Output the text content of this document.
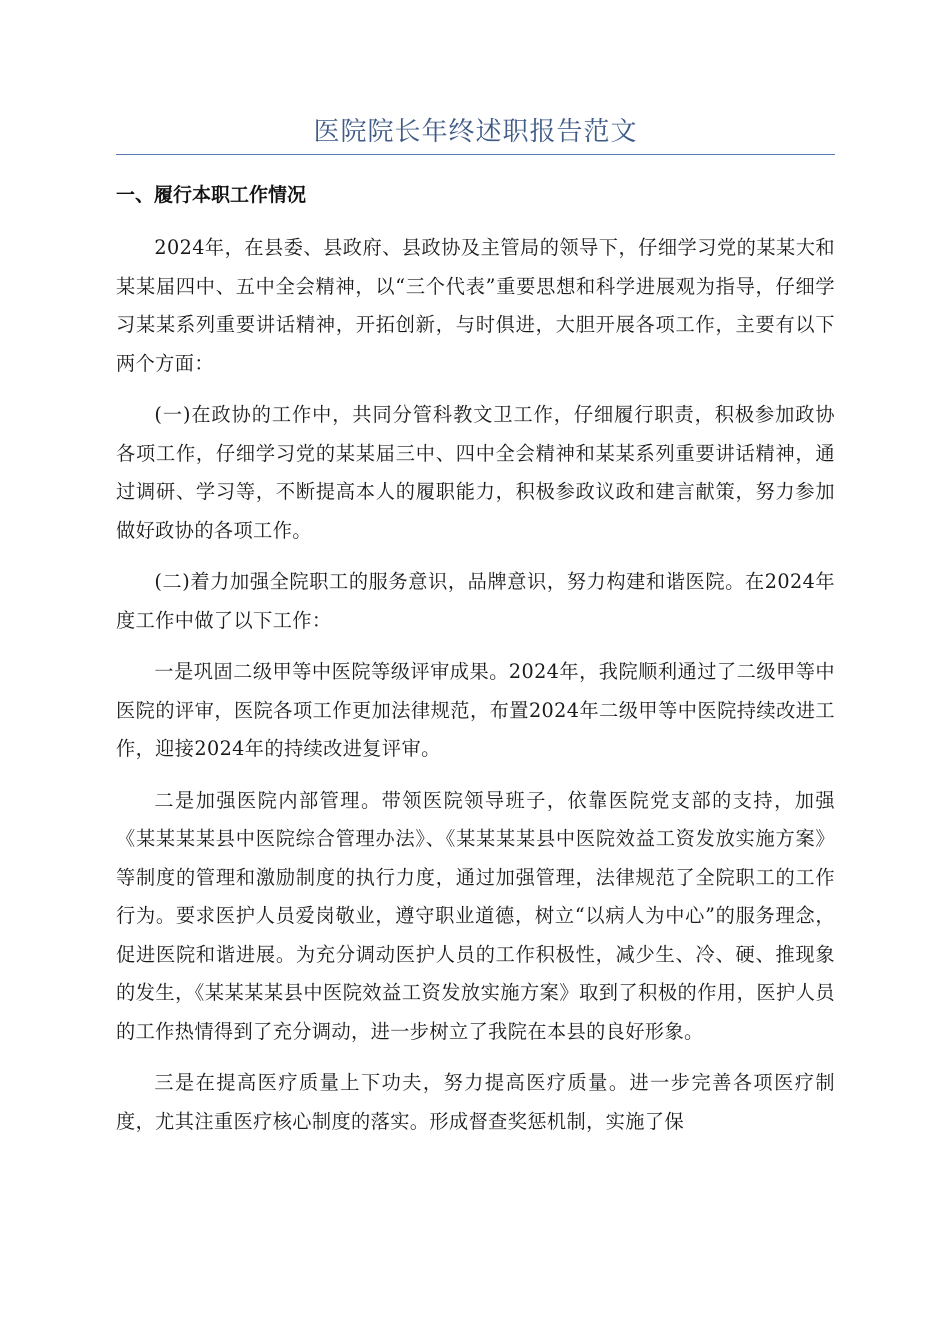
医院院长年终述职报告范文
一、履行本职工作情况

2024年，在县委、县政府、县政协及主管局的领导下，仔细学习党的某某大和某某届四中、五中全会精神，以“三个代表”重要思想和科学进展观为指导，仔细学习某某系列重要讲话精神，开拓创新，与时俱进，大胆开展各项工作，主要有以下两个方面：

(一)在政协的工作中，共同分管科教文卫工作，仔细履行职责，积极参加政协各项工作，仔细学习党的某某届三中、四中全会精神和某某系列重要讲话精神，通过调研、学习等，不断提高本人的履职能力，积极参政议政和建言献策，努力参加做好政协的各项工作。

(二)着力加强全院职工的服务意识，品牌意识，努力构建和谐医院。在2024年度工作中做了以下工作：

一是巩固二级甲等中医院等级评审成果。2024年，我院顺利通过了二级甲等中医院的评审，医院各项工作更加法律规范，布置2024年二级甲等中医院持续改进工作，迎接2024年的持续改进复评审。

二是加强医院内部管理。带领医院领导班子，依靠医院党支部的支持，加强《某某某某县中医院综合管理办法》、《某某某某县中医院效益工资发放实施方案》等制度的管理和激励制度的执行力度，通过加强管理，法律规范了全院职工的工作行为。要求医护人员爱岗敬业，遵守职业道德，树立“以病人为中心”的服务理念，促进医院和谐进展。为充分调动医护人员的工作积极性，减少生、冷、硬、推现象的发生，《某某某某县中医院效益工资发放实施方案》取到了积极的作用，医护人员的工作热情得到了充分调动，进一步树立了我院在本县的良好形象。

三是在提高医疗质量上下功夫，努力提高医疗质量。进一步完善各项医疗制度，尤其注重医疗核心制度的落实。形成督查奖惩机制，实施了保
